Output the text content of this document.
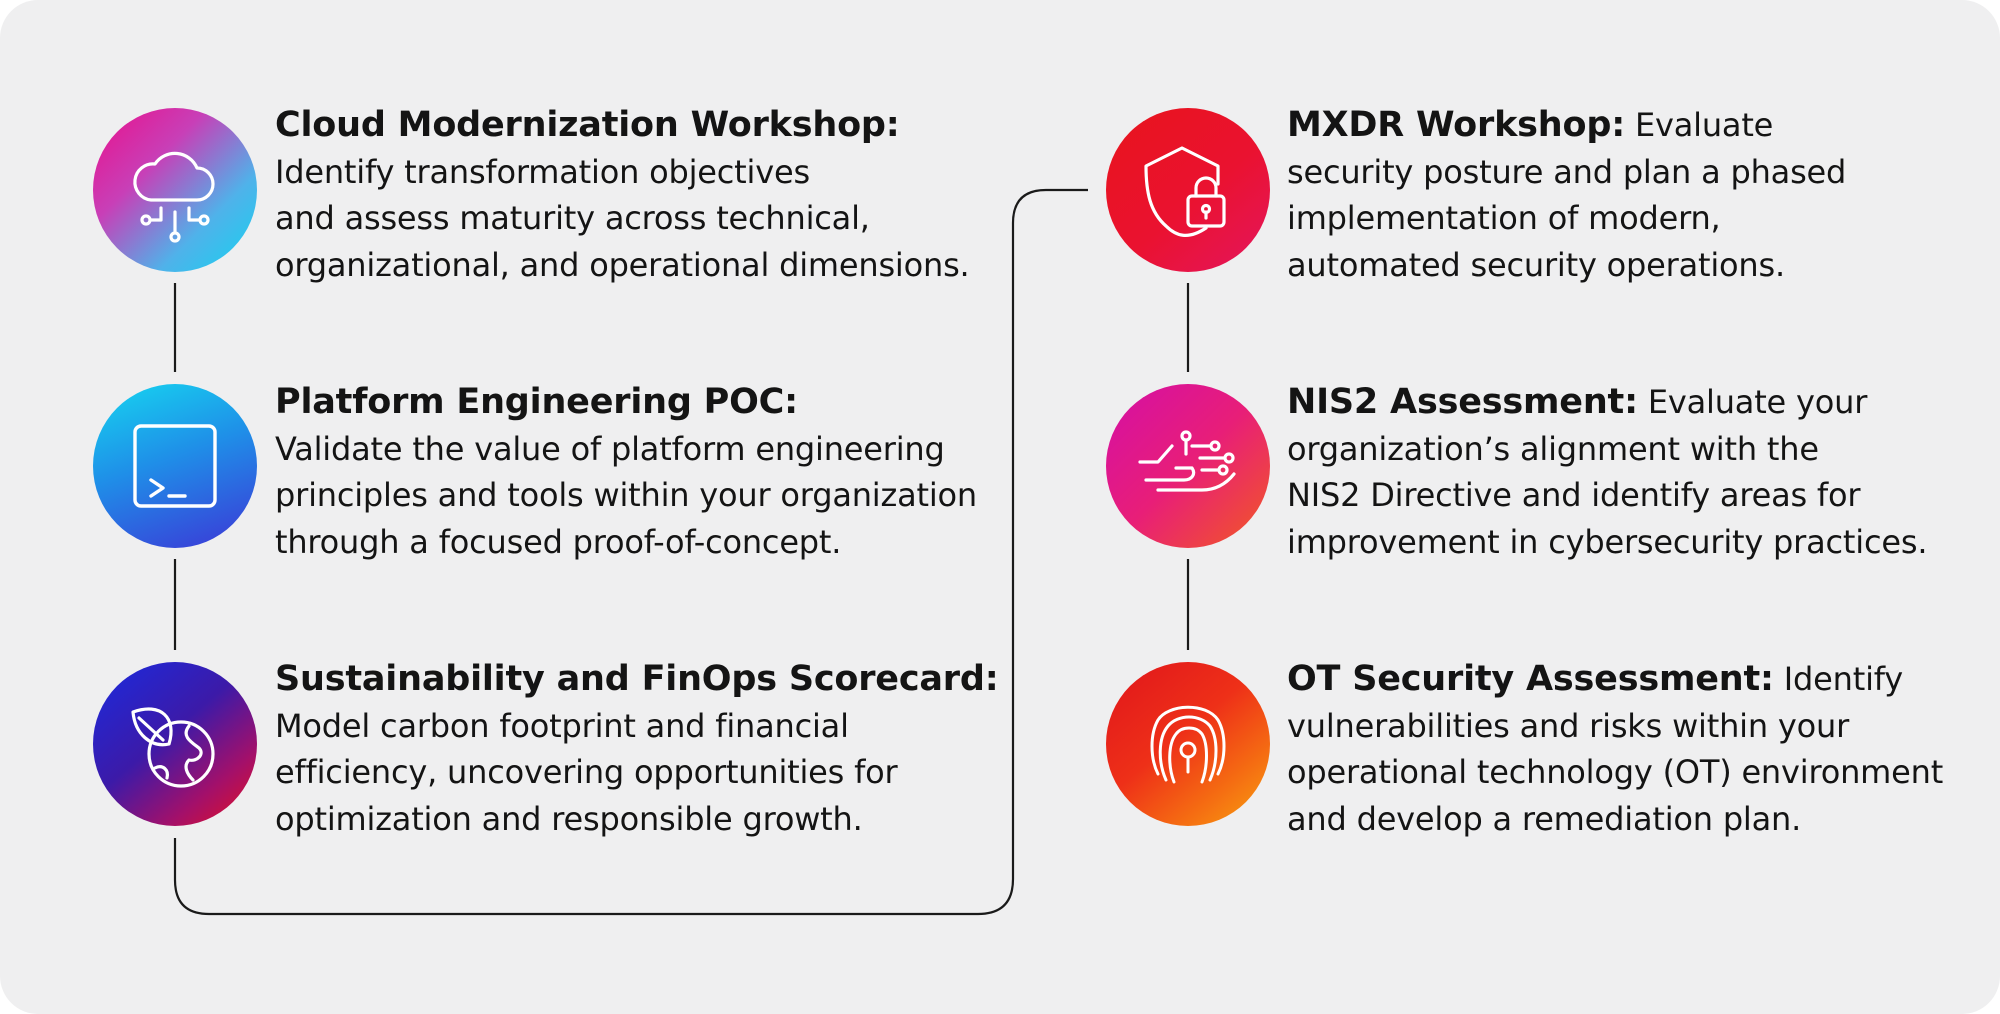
Cloud Modernization Workshop:
Identify transformation objectives
and assess maturity across technical,
organizational, and operational dimensions.
Platform Engineering POC:
Validate the value of platform engineering
principles and tools within your organization
through a focused proof-of-concept.
Sustainability and FinOps Scorecard:
Model carbon footprint and financial
efficiency, uncovering opportunities for
optimization and responsible growth.
MXDR Workshop: Evaluate
security posture and plan a phased
implementation of modern,
automated security operations.
NIS2 Assessment: Evaluate your
organization’s alignment with the
NIS2 Directive and identify areas for
improvement in cybersecurity practices.
OT Security Assessment: Identify
vulnerabilities and risks within your
operational technology (OT) environment
and develop a remediation plan.
